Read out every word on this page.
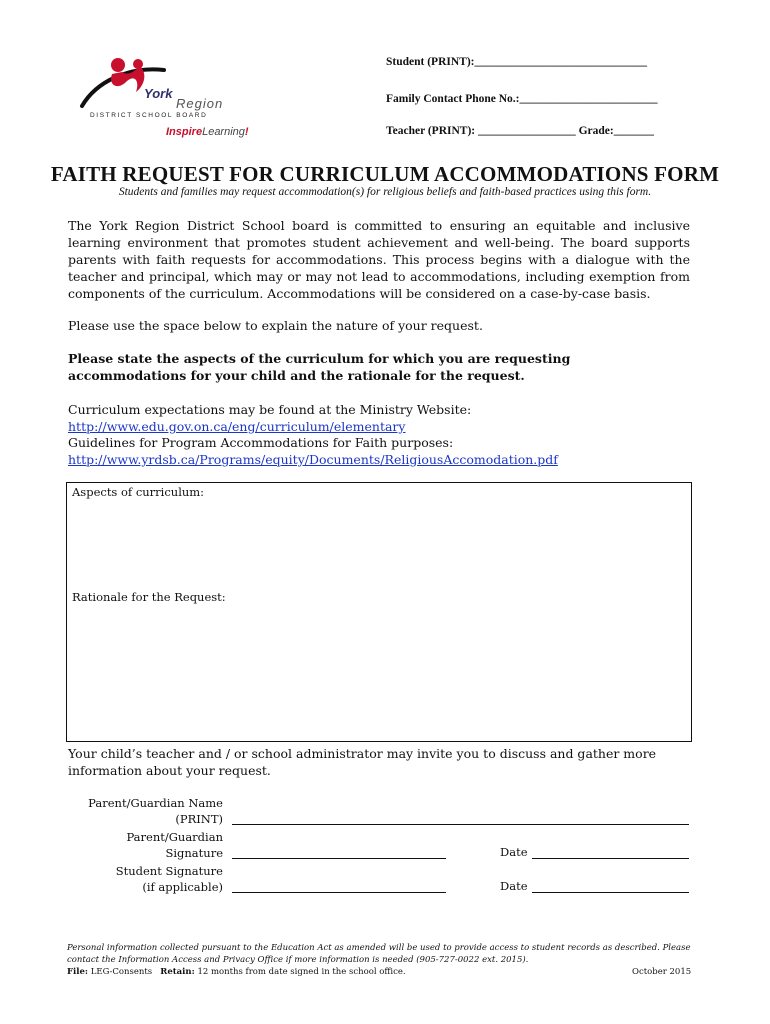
York
Region
DISTRICT SCHOOL BOARD
InspireLearning!
Student (PRINT):______________________________
Family Contact Phone No.:________________________
Teacher (PRINT): _________________ Grade:_______
FAITH REQUEST FOR CURRICULUM ACCOMMODATIONS FORM
Students and families may request accommodation(s) for religious beliefs and faith-based practices using this form.
The York Region District School board is committed to ensuring an equitable and inclusive learning environment that promotes student achievement and well-being. The board supports parents with faith requests for accommodations. This process begins with a dialogue with the teacher and principal, which may or may not lead to accommodations, including exemption from components of the curriculum. Accommodations will be considered on a case-by-case basis.
Please use the space below to explain the nature of your request.
Please state the aspects of the curriculum for which you are requesting accommodations for your child and the rationale for the request.
Curriculum expectations may be found at the Ministry Website:
http://www.edu.gov.on.ca/eng/curriculum/elementary
Guidelines for Program Accommodations for Faith purposes:
http://www.yrdsb.ca/Programs/equity/Documents/ReligiousAccomodation.pdf
Aspects of curriculum:
Rationale for the Request:
Your child’s teacher and / or school administrator may invite you to discuss and gather more information about your request.
Parent/Guardian Name
(PRINT)
Parent/Guardian
Signature	Date
Student Signature
(if applicable)	Date
Personal information collected pursuant to the Education Act as amended will be used to provide access to student records as described. Please contact the Information Access and Privacy Office if more information is needed (905-727-0022 ext. 2015).
File: LEG-Consents Retain: 12 months from date signed in the school office.	October 2015
